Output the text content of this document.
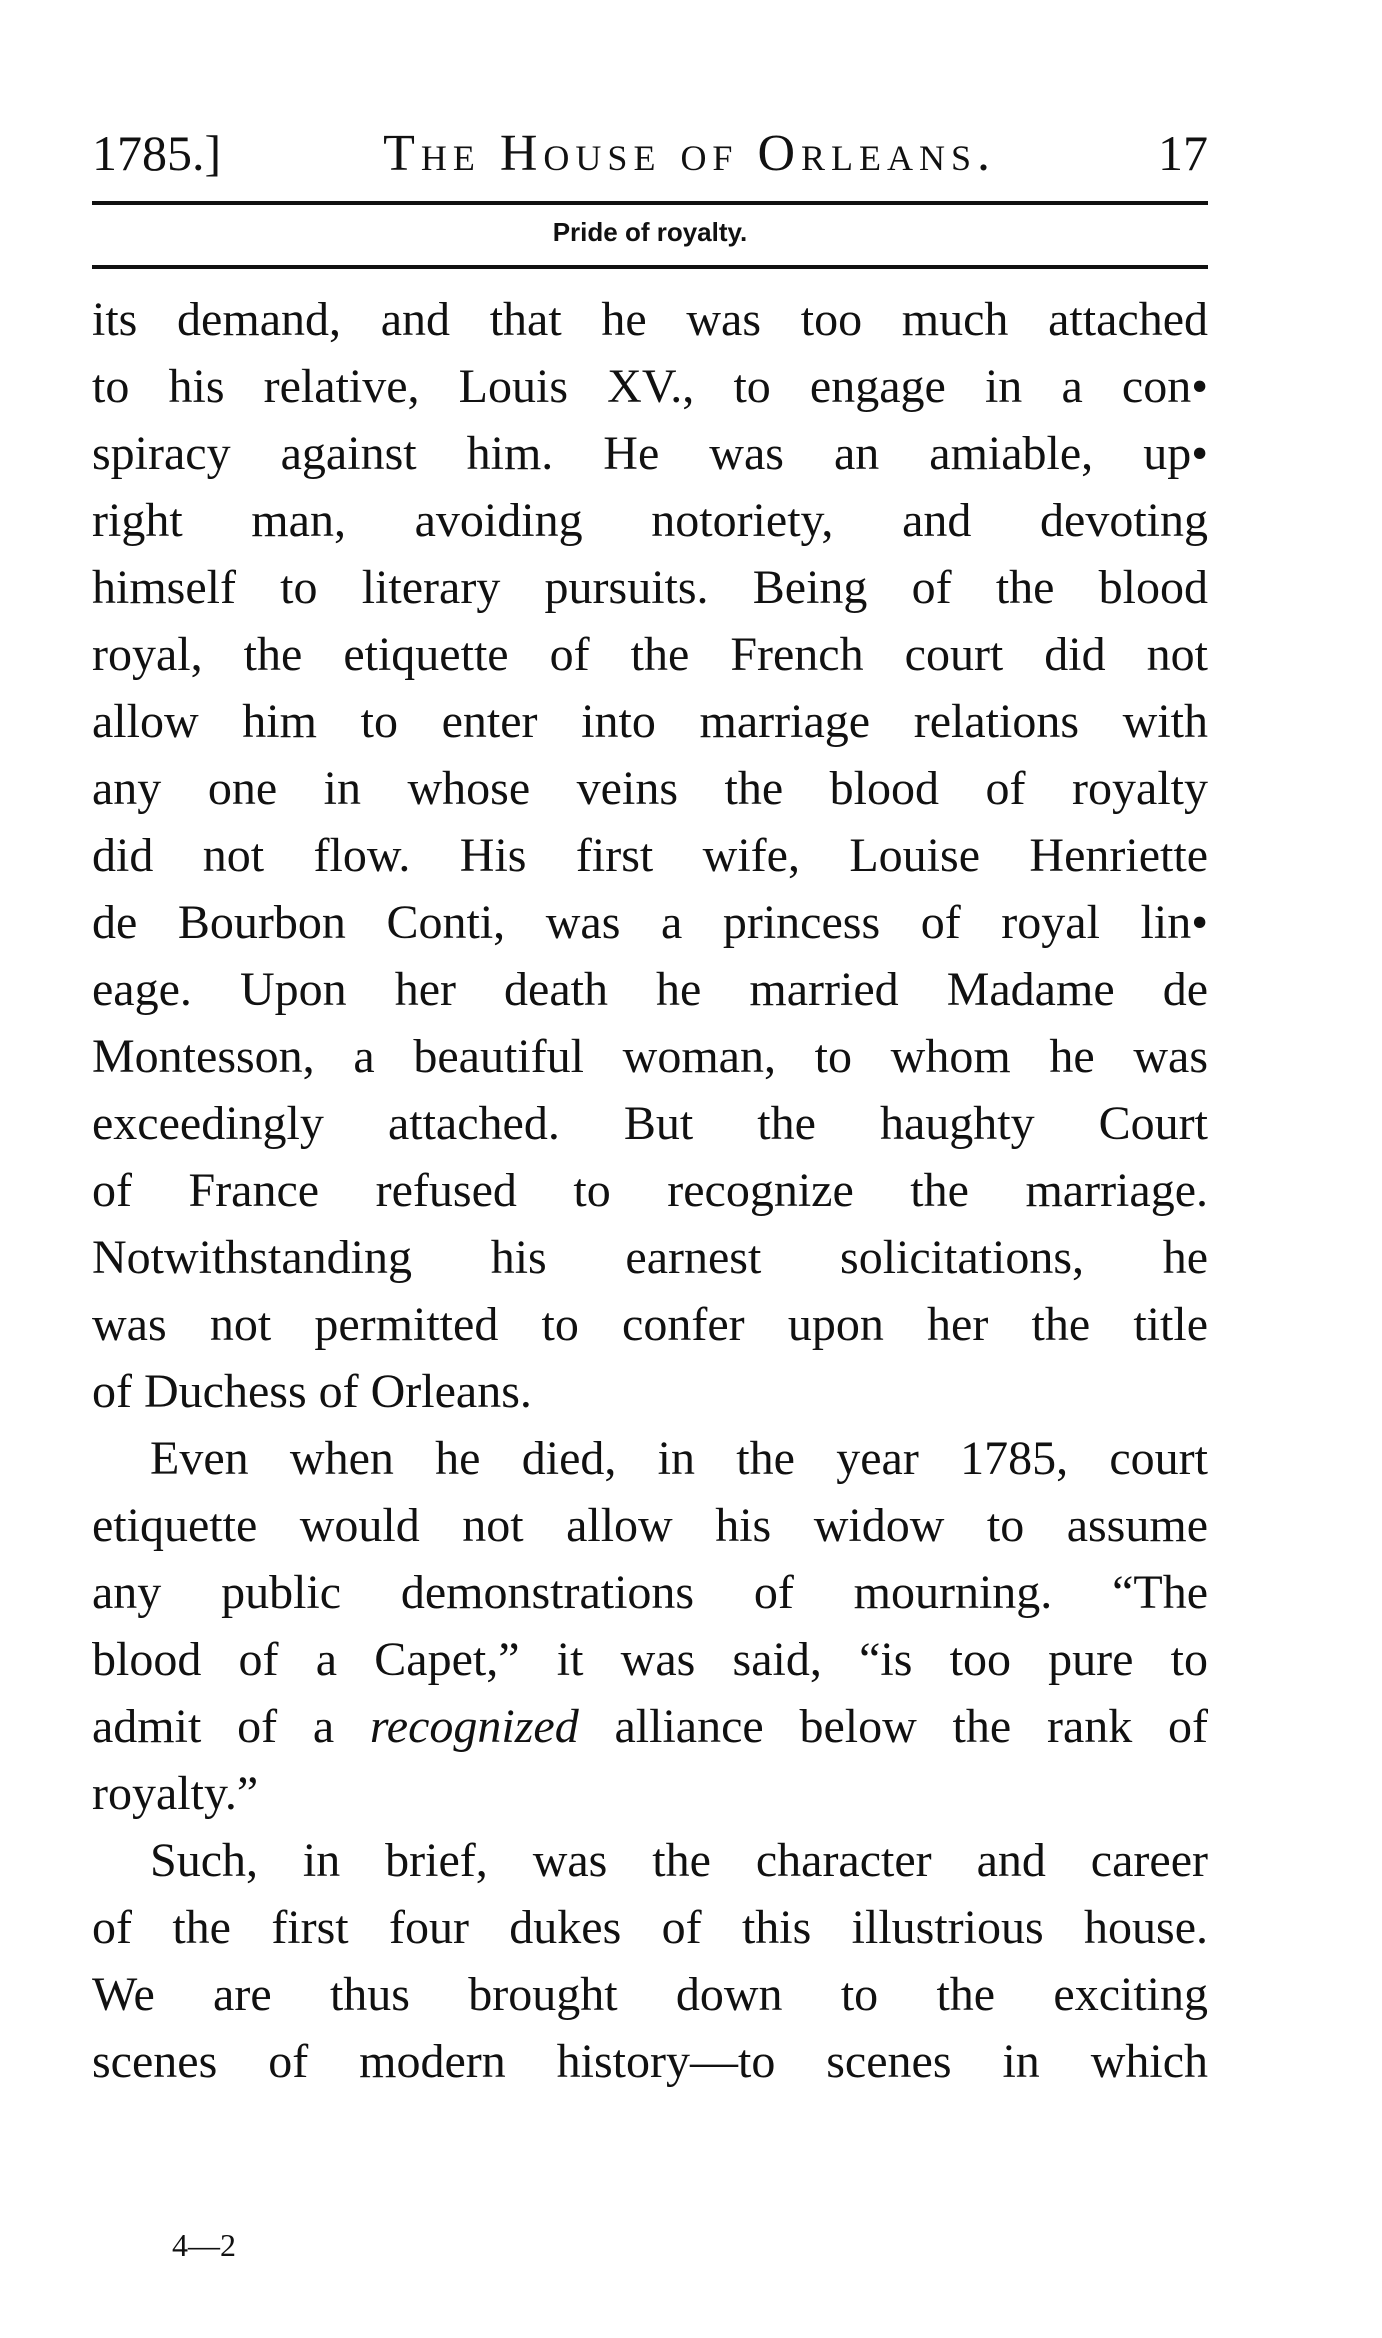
1785.]	The House of Orleans.	17
Pride of royalty.
its demand, and that he was too much attached
to his relative, Louis XV., to engage in a con•
spiracy against him. He was an amiable, up•
right man, avoiding notoriety, and devoting
himself to literary pursuits. Being of the blood
royal, the etiquette of the French court did not
allow him to enter into marriage relations with
any one in whose veins the blood of royalty
did not flow. His first wife, Louise Henriette
de Bourbon Conti, was a princess of royal lin•
eage. Upon her death he married Madame de
Montesson, a beautiful woman, to whom he was
exceedingly attached. But the haughty Court
of France refused to recognize the marriage.
Notwithstanding his earnest solicitations, he
was not permitted to confer upon her the title
of Duchess of Orleans.
Even when he died, in the year 1785, court
etiquette would not allow his widow to assume
any public demonstrations of mourning. “The
blood of a Capet,” it was said, “is too pure to
admit of a recognized alliance below the rank of
royalty.”
Such, in brief, was the character and career
of the first four dukes of this illustrious house.
We are thus brought down to the exciting
scenes of modern history—to scenes in which
4—2
